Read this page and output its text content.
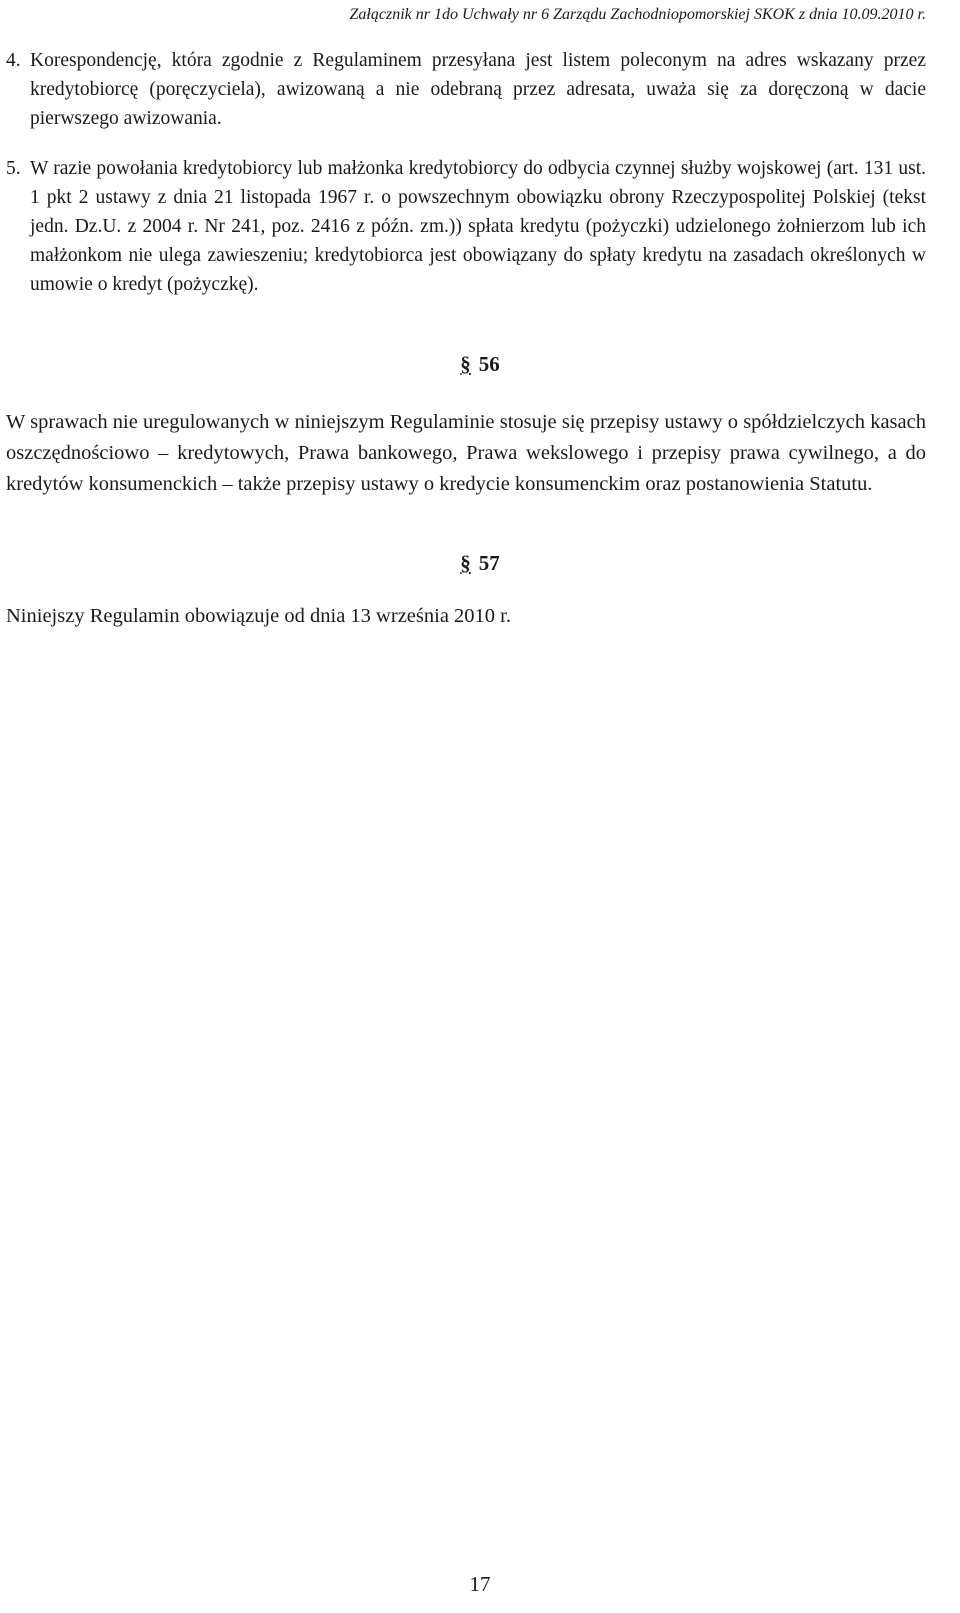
Załącznik nr 1do Uchwały nr 6 Zarządu Zachodniopomorskiej SKOK z dnia 10.09.2010 r.
4. Korespondencję, która zgodnie z Regulaminem przesyłana jest listem poleconym na adres wskazany przez kredytobiorcę (poręczyciela), awizowaną a nie odebraną przez adresata, uważa się za doręczoną w dacie pierwszego awizowania.
5. W razie powołania kredytobiorcy lub małżonka kredytobiorcy do odbycia czynnej służby wojskowej (art. 131 ust. 1 pkt 2 ustawy z dnia 21 listopada 1967 r. o powszechnym obowiązku obrony Rzeczypospolitej Polskiej (tekst jedn. Dz.U. z 2004 r. Nr 241, poz. 2416 z późn. zm.)) spłata kredytu (pożyczki) udzielonego żołnierzom lub ich małżonkom nie ulega zawieszeniu; kredytobiorca jest obowiązany do spłaty kredytu na zasadach określonych w umowie o kredyt (pożyczkę).
§ 56
W sprawach nie uregulowanych w niniejszym Regulaminie stosuje się przepisy ustawy o spółdzielczych kasach oszczędnościowo – kredytowych, Prawa bankowego, Prawa wekslowego i przepisy prawa cywilnego, a do kredytów konsumenckich – także przepisy ustawy o kredycie konsumenckim oraz postanowienia Statutu.
§ 57
Niniejszy Regulamin obowiązuje od dnia 13 września 2010 r.
17
